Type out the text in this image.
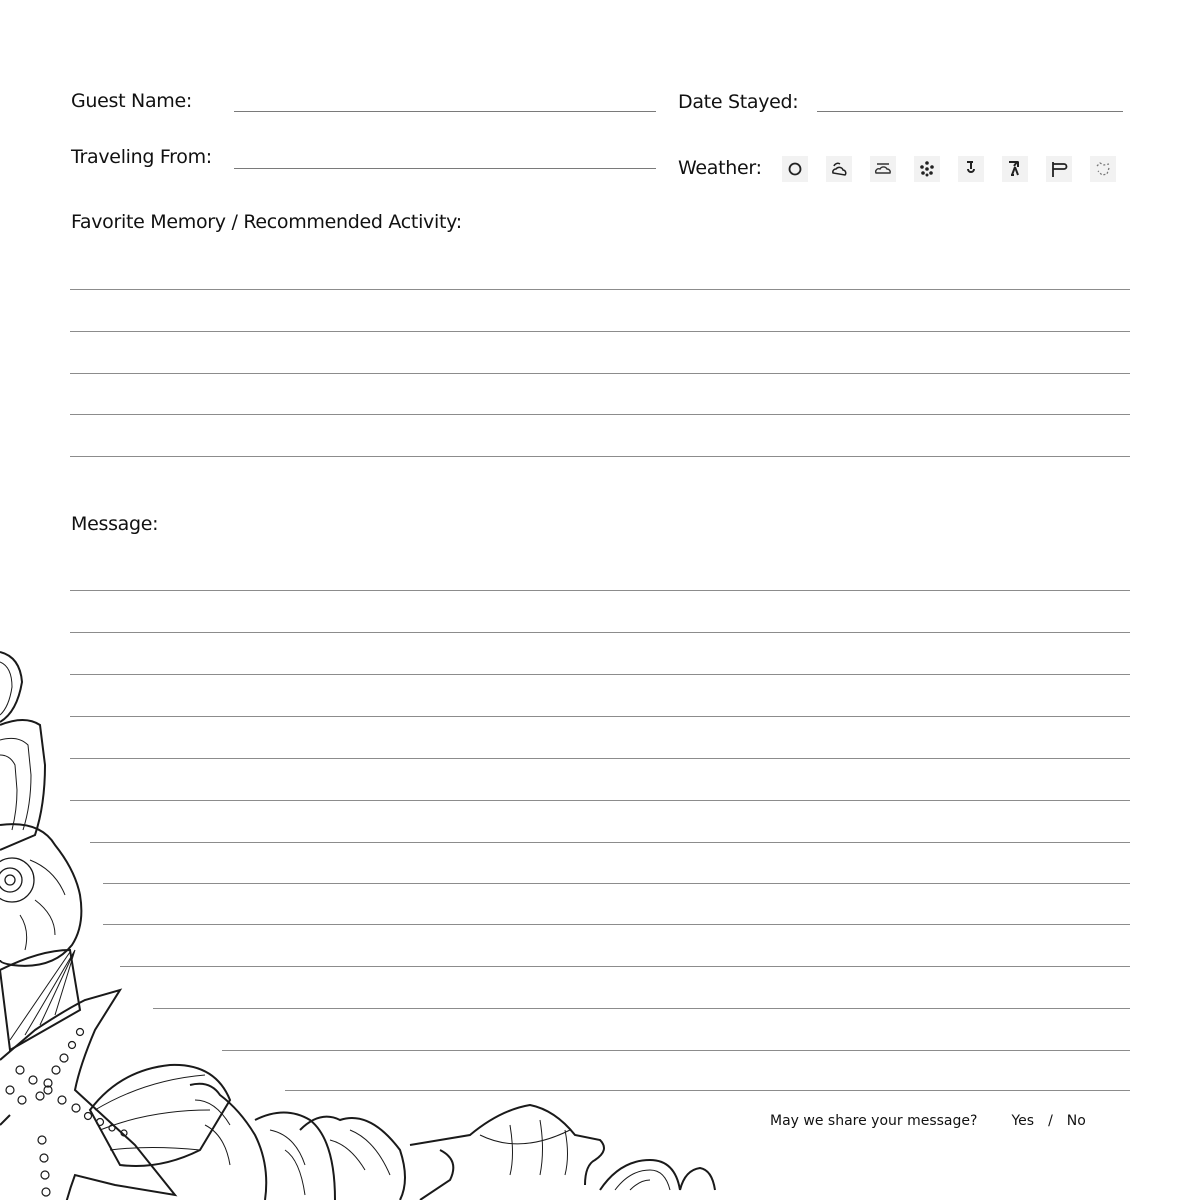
Guest Name:	Date Stayed:
Traveling From:	Weather:
Favorite Memory / Recommended Activity:
Message:
May we share your message? Yes / No
